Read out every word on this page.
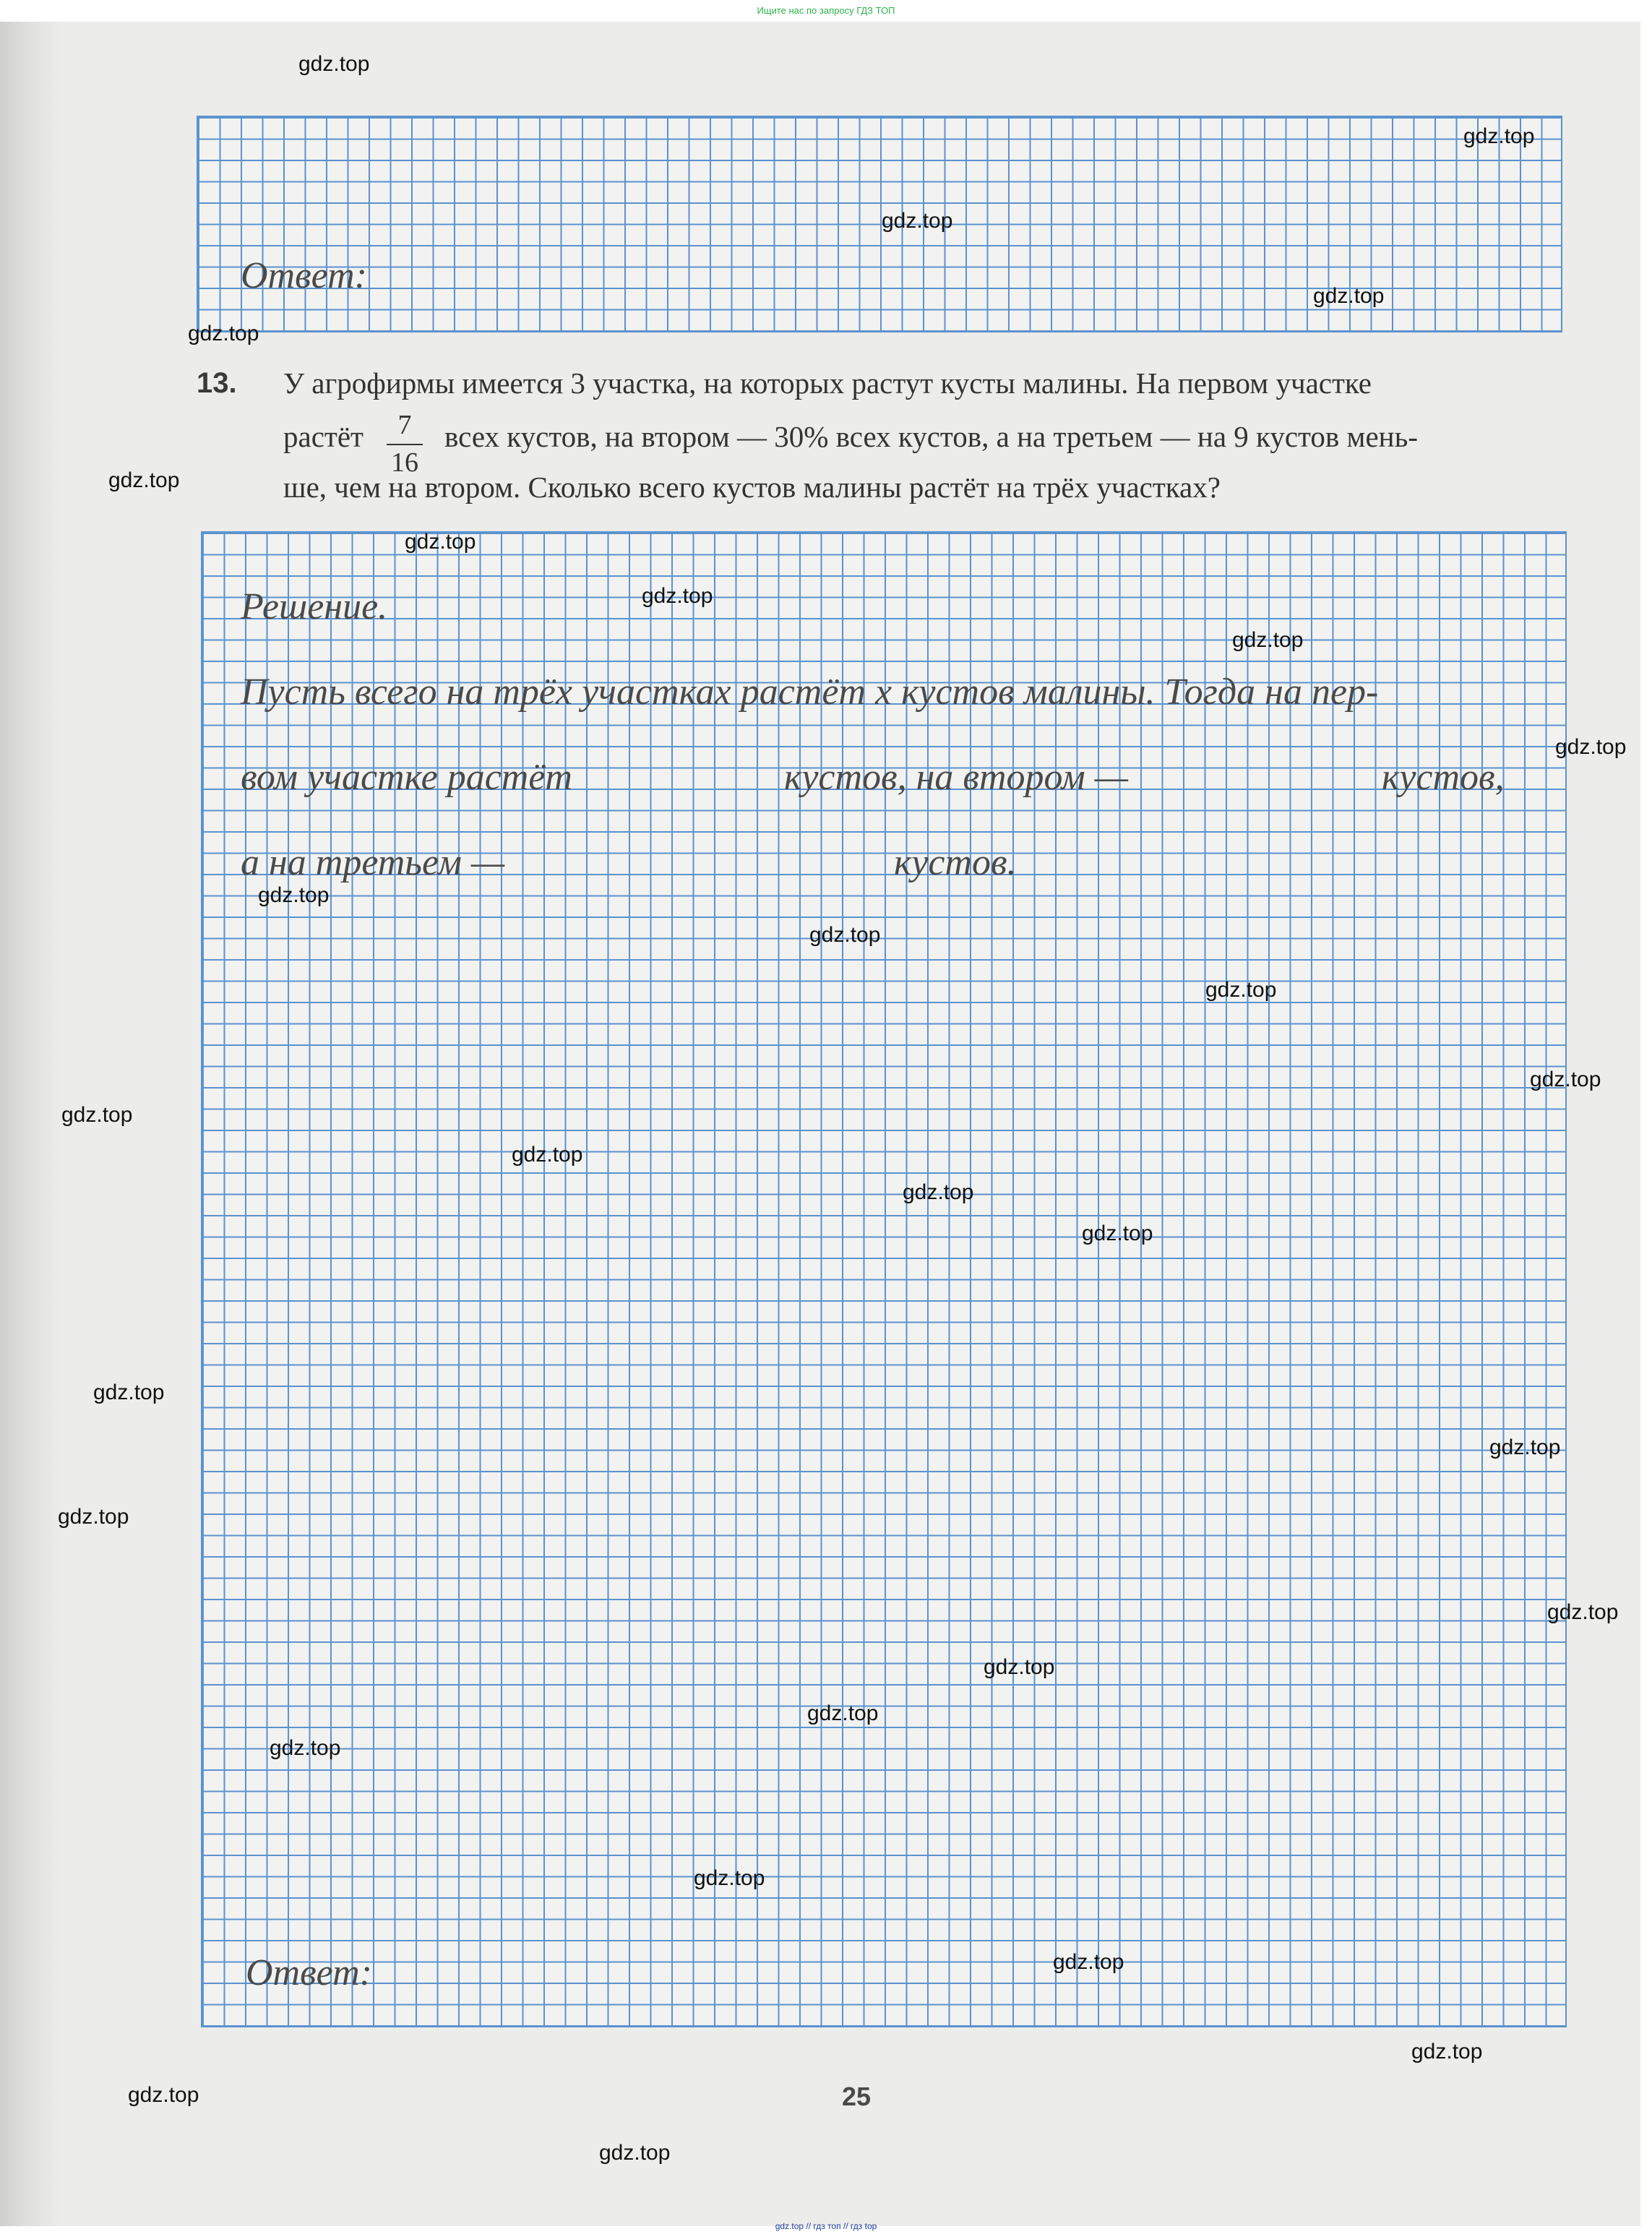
Ищите нас по запросу ГДЗ ТОП
Ответ:
13. У агрофирмы имеется 3 участка, на которых растут кусты малины. На первом участке
растёт	7
16
всех кустов, на втором — 30% всех кустов, а на третьем — на 9 кустов мень-
ше, чем на втором. Сколько всего кустов малины растёт на трёх участках?
Решение.
Пусть всего на трёх участках растёт x кустов малины. Тогда на пер-
вом участке растёт	кустов, на втором —	кустов,
а на третьем —	кустов.
Ответ:
25
gdz.top
gdz.top
gdz.top
gdz.top
gdz.top
gdz.top
gdz.top
gdz.top
gdz.top
gdz.top
gdz.top
gdz.top
gdz.top
gdz.top
gdz.top
gdz.top
gdz.top
gdz.top
gdz.top
gdz.top
gdz.top
gdz.top
gdz.top
gdz.top
gdz.top
gdz.top
gdz.top
gdz.top
gdz.top
gdz.top
gdz.top // гдз топ // гдз top
